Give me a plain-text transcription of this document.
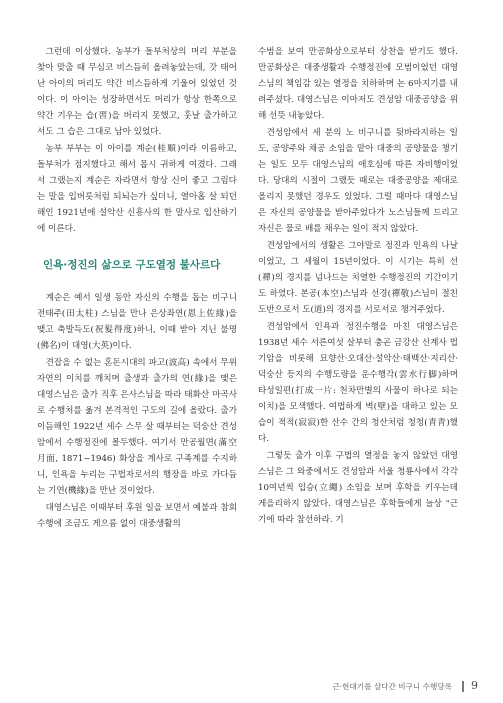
그런데 이상했다. 농부가 돌부처상의 머리 부분을 찾아 맞출 때 무심코 비스듬히 올려놓았는데, 갓 태어난 아이의 머리도 약간 비스듬하게 기울어 있었던 것이다. 이 아이는 성장하면서도 머리가 항상 한쪽으로 약간 기우는 습(習)을 버리지 못했고, 훗날 출가하고서도 그 습은 그대로 남아 있었다.

농부 부부는 이 아이를 계순(桂順)이라 이름하고, 돌부처가 점지했다고 해서 몹시 귀하게 여겼다. 그래서 그랬는지 계순은 자라면서 항상 신이 좋고 그림다는 말을 입버릇처럼 되뇌는가 싶더니, 열아홉 살 되던 해인 1921년에 설악산 신흥사의 한 말사로 입산하기에 이른다.

인욕·정진의 삶으로 구도열정 불사르다

계순은 예서 일생 동안 자신의 수행을 돕는 비구니 전태주(田太柱) 스님을 만나 은상좌연(恩上佐緣)을 맺고 축발득도(祝髮得度)하니, 이때 받아 지닌 불명(佛名)이 대영(大英)이다.

견잡을 수 없는 혼돈시대의 파고(波高) 속에서 무위자연의 이치를 깨치며 출생과 출가의 연(緣)을 맺은 대영스님은 출가 직후 은사스님을 따라 태화산 마곡사로 수행처를 옮겨 본격적인 구도의 길에 올랐다. 출가 이듬해인 1922년 세수 스무 살 때부터는 덕숭산 견성암에서 수행정진에 몰두했다. 여기서 만공월면(滿空月面, 1871~1946) 화상을 계사로 구족계를 수지하니, 인욕을 누리는 구법자로서의 행장을 바로 가다듬는 기연(機緣)을 만난 것이었다.

대영스님은 이때부터 후원 일을 보면서 예불과 참회수행에 조금도 게으름 없이 대중생활의

수범을 보여 만공화상으로부터 상찬을 받기도 했다. 만공화상은 대중생활과 수행정진에 모범이었던 대영스님의 책임감 있는 열정을 치하하며 논 6마지기를 내려주셨다. 대영스님은 이마저도 견성암 대중공양을 위해 선뜻 내놓았다.

견성암에서 세 분의 노 비구니를 뒷바라지하는 일도, 공양주와 채공 소임을 맡아 대중의 공양물을 챙기는 일도 모두 대영스님의 애호심에 따른 자비행이었다. 당대의 시절이 그랬듯 때로는 대중공양을 제대로 올리지 못했던 경우도 있었다. 그럴 때마다 대영스님은 자신의 공양물을 받아주었다가 노스님들께 드리고 자신은 물로 배를 채우는 일이 적지 않았다.

견성암에서의 생활은 그야말로 정진과 인욕의 나날이었고, 그 세월이 15년이었다. 이 시기는 특히 선(禪)의 경지를 넘나드는 치열한 수행정진의 기간이기도 하였다. 본공(本空)스님과 선경(禪敬)스님이 절친도반으로서 도(道)의 경지를 서로서로 챙겨주었다.

견성암에서 인욕과 정진수행을 마친 대영스님은 1938년 세수 서른여섯 살부터 충곤 금강산 신계사 법기암을 비롯해 묘향산·오대산·설악산·태백산·지리산·덕숭산 등지의 수행도량을 운수행각(雲水行脚)하며 타성일편(打成一片: 천차만별의 사물이 하나로 되는 이치)을 모색했다. 여법하게 벽(壁)을 대하고 있는 모습이 적적(寂寂)한 산수 간의 청산처럼 청청(青青)했다.

그렇듯 출가 이후 구법의 열정을 놓지 않았던 대영스님은 그 와중에서도 견성암과 서울 청룡사에서 각각 10여년씩 입승(立繩) 소임을 보며 후학을 키우는데 게을리하지 않았다. 대영스님은 후학들에게 늘상 "근기에 따라 참선하라. 기

근·현대기를 살다간 비구니 수행담록 9
